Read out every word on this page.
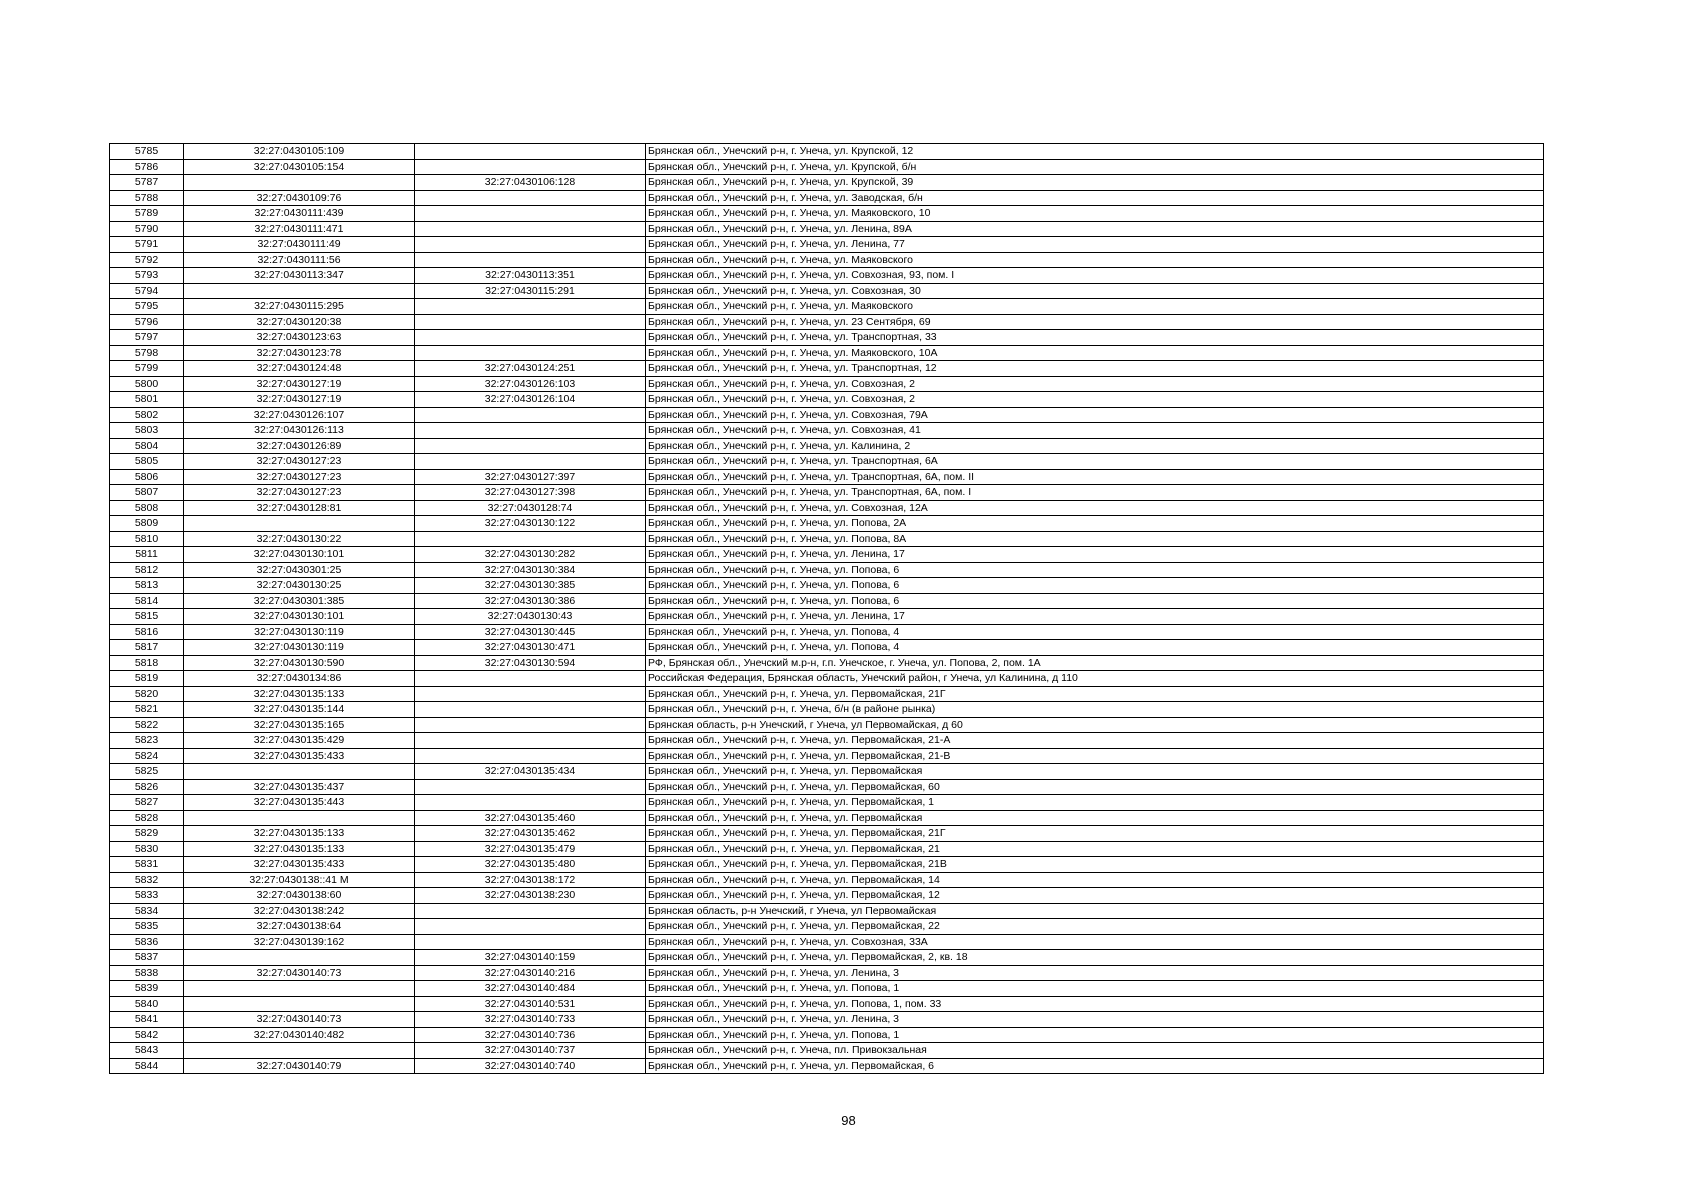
5785	32:27:0430105:109		Брянская обл., Унечский р-н, г. Унеча, ул. Крупской, 12
5786	32:27:0430105:154		Брянская обл., Унечский р-н, г. Унеча, ул. Крупской, б/н
5787		32:27:0430106:128	Брянская обл., Унечский р-н, г. Унеча, ул. Крупской, 39
5788	32:27:0430109:76		Брянская обл., Унечский р-н, г. Унеча, ул. Заводская, б/н
5789	32:27:0430111:439		Брянская обл., Унечский р-н, г. Унеча, ул. Маяковского, 10
5790	32:27:0430111:471		Брянская обл., Унечский р-н, г. Унеча, ул. Ленина, 89А
5791	32:27:0430111:49		Брянская обл., Унечский р-н, г. Унеча, ул. Ленина, 77
5792	32:27:0430111:56		Брянская обл., Унечский р-н, г. Унеча, ул. Маяковского
5793	32:27:0430113:347	32:27:0430113:351	Брянская обл., Унечский р-н, г. Унеча, ул. Совхозная, 93, пом. I
5794		32:27:0430115:291	Брянская обл., Унечский р-н, г. Унеча, ул. Совхозная, 30
5795	32:27:0430115:295		Брянская обл., Унечский р-н, г. Унеча, ул. Маяковского
5796	32:27:0430120:38		Брянская обл., Унечский р-н, г. Унеча, ул. 23 Сентября, 69
5797	32:27:0430123:63		Брянская обл., Унечский р-н, г. Унеча, ул. Транспортная, 33
5798	32:27:0430123:78		Брянская обл., Унечский р-н, г. Унеча, ул. Маяковского, 10А
5799	32:27:0430124:48	32:27:0430124:251	Брянская обл., Унечский р-н, г. Унеча, ул. Транспортная, 12
5800	32:27:0430127:19	32:27:0430126:103	Брянская обл., Унечский р-н, г. Унеча, ул. Совхозная, 2
5801	32:27:0430127:19	32:27:0430126:104	Брянская обл., Унечский р-н, г. Унеча, ул. Совхозная, 2
5802	32:27:0430126:107		Брянская обл., Унечский р-н, г. Унеча, ул. Совхозная, 79А
5803	32:27:0430126:113		Брянская обл., Унечский р-н, г. Унеча, ул. Совхозная, 41
5804	32:27:0430126:89		Брянская обл., Унечский р-н, г. Унеча, ул. Калинина, 2
5805	32:27:0430127:23		Брянская обл., Унечский р-н, г. Унеча, ул. Транспортная, 6А
5806	32:27:0430127:23	32:27:0430127:397	Брянская обл., Унечский р-н, г. Унеча, ул. Транспортная, 6А, пом. II
5807	32:27:0430127:23	32:27:0430127:398	Брянская обл., Унечский р-н, г. Унеча, ул. Транспортная, 6А, пом. I
5808	32:27:0430128:81	32:27:0430128:74	Брянская обл., Унечский р-н, г. Унеча, ул. Совхозная, 12А
5809		32:27:0430130:122	Брянская обл., Унечский р-н, г. Унеча, ул. Попова, 2А
5810	32:27:0430130:22		Брянская обл., Унечский р-н, г. Унеча, ул. Попова, 8А
5811	32:27:0430130:101	32:27:0430130:282	Брянская обл., Унечский р-н, г. Унеча, ул. Ленина, 17
5812	32:27:0430301:25	32:27:0430130:384	Брянская обл., Унечский р-н, г. Унеча, ул. Попова, 6
5813	32:27:0430130:25	32:27:0430130:385	Брянская обл., Унечский р-н, г. Унеча, ул. Попова, 6
5814	32:27:0430301:385	32:27:0430130:386	Брянская обл., Унечский р-н, г. Унеча, ул. Попова, 6
5815	32:27:0430130:101	32:27:0430130:43	Брянская обл., Унечский р-н, г. Унеча, ул. Ленина, 17
5816	32:27:0430130:119	32:27:0430130:445	Брянская обл., Унечский р-н, г. Унеча, ул. Попова, 4
5817	32:27:0430130:119	32:27:0430130:471	Брянская обл., Унечский р-н, г. Унеча, ул. Попова, 4
5818	32:27:0430130:590	32:27:0430130:594	РФ, Брянская обл., Унечский м.р-н, г.п. Унечское, г. Унеча, ул. Попова, 2, пом. 1А
5819	32:27:0430134:86		Российская Федерация, Брянская область, Унечский район, г Унеча, ул Калинина, д 110
5820	32:27:0430135:133		Брянская обл., Унечский р-н, г. Унеча, ул. Первомайская, 21Г
5821	32:27:0430135:144		Брянская обл., Унечский р-н, г. Унеча, б/н (в районе рынка)
5822	32:27:0430135:165		Брянская область, р-н Унечский, г Унеча, ул Первомайская, д 60
5823	32:27:0430135:429		Брянская обл., Унечский р-н, г. Унеча, ул. Первомайская, 21-А
5824	32:27:0430135:433		Брянская обл., Унечский р-н, г. Унеча, ул. Первомайская, 21-В
5825		32:27:0430135:434	Брянская обл., Унечский р-н, г. Унеча, ул. Первомайская
5826	32:27:0430135:437		Брянская обл., Унечский р-н, г. Унеча, ул. Первомайская, 60
5827	32:27:0430135:443		Брянская обл., Унечский р-н, г. Унеча, ул. Первомайская, 1
5828		32:27:0430135:460	Брянская обл., Унечский р-н, г. Унеча, ул. Первомайская
5829	32:27:0430135:133	32:27:0430135:462	Брянская обл., Унечский р-н, г. Унеча, ул. Первомайская, 21Г
5830	32:27:0430135:133	32:27:0430135:479	Брянская обл., Унечский р-н, г. Унеча, ул. Первомайская, 21
5831	32:27:0430135:433	32:27:0430135:480	Брянская обл., Унечский р-н, г. Унеча, ул. Первомайская, 21В
5832	32:27:0430138::41 М	32:27:0430138:172	Брянская обл., Унечский р-н, г. Унеча, ул. Первомайская, 14
5833	32:27:0430138:60	32:27:0430138:230	Брянская обл., Унечский р-н, г. Унеча, ул. Первомайская, 12
5834	32:27:0430138:242		Брянская область, р-н Унечский, г Унеча, ул Первомайская
5835	32:27:0430138:64		Брянская обл., Унечский р-н, г. Унеча, ул. Первомайская, 22
5836	32:27:0430139:162		Брянская обл., Унечский р-н, г. Унеча, ул. Совхозная, 33А
5837		32:27:0430140:159	Брянская обл., Унечский р-н, г. Унеча, ул. Первомайская, 2, кв. 18
5838	32:27:0430140:73	32:27:0430140:216	Брянская обл., Унечский р-н, г. Унеча, ул. Ленина, 3
5839		32:27:0430140:484	Брянская обл., Унечский р-н, г. Унеча, ул. Попова, 1
5840		32:27:0430140:531	Брянская обл., Унечский р-н, г. Унеча, ул. Попова, 1, пом. 33
5841	32:27:0430140:73	32:27:0430140:733	Брянская обл., Унечский р-н, г. Унеча, ул. Ленина, 3
5842	32:27:0430140:482	32:27:0430140:736	Брянская обл., Унечский р-н, г. Унеча, ул. Попова, 1
5843		32:27:0430140:737	Брянская обл., Унечский р-н, г. Унеча, пл. Привокзальная
5844	32:27:0430140:79	32:27:0430140:740	Брянская обл., Унечский р-н, г. Унеча, ул. Первомайская, 6
98
